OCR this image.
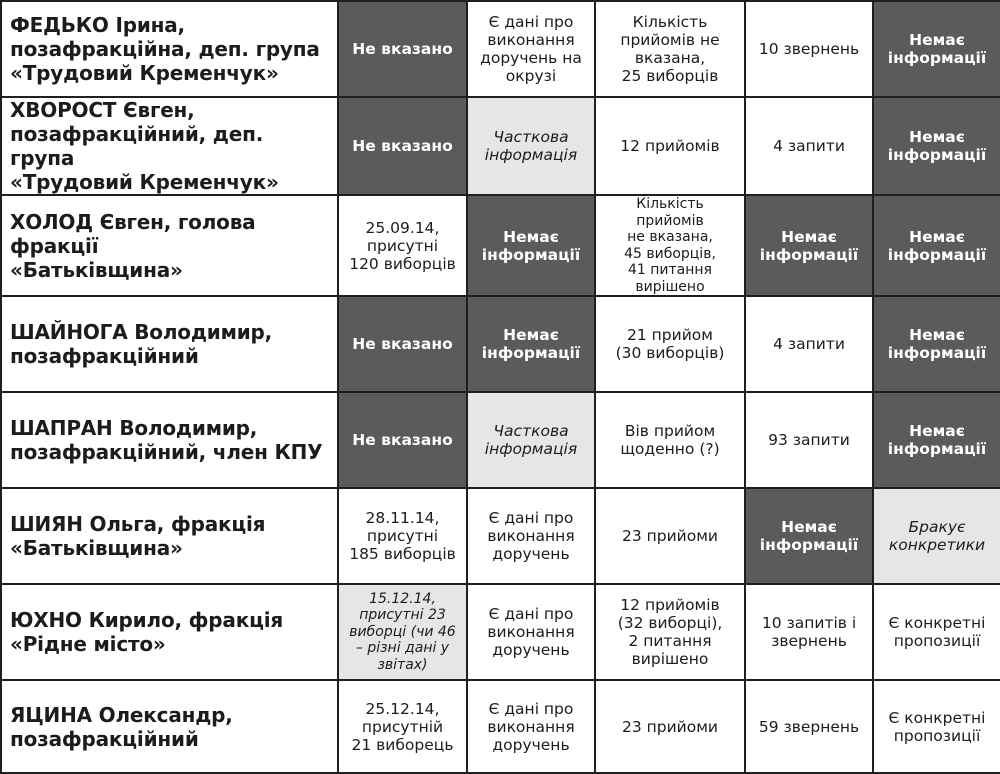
ФЕДЬКО Ірина,
позафракційна, деп. група
«Трудовий Кременчук»	Не вказано	Є дані про
виконання
доручень на
окрузі	Кількість
прийомів не
вказана,
25 виборців	10 звернень	Немає
інформації
ХВОРОСТ Євген,
позафракційний, деп. група
«Трудовий Кременчук»	Не вказано	Часткова
інформація	12 прийомів	4 запити	Немає
інформації
ХОЛОД Євген, голова фракції
«Батьківщина»	25.09.14,
присутні
120 виборців	Немає
інформації	Кількість прийомів
не вказана,
45 виборців,
41 питання
вирішено	Немає
інформації	Немає
інформації
ШАЙНОГА Володимир,
позафракційний	Не вказано	Немає
інформації	21 прийом
(30 виборців)	4 запити	Немає
інформації
ШАПРАН Володимир,
позафракційний, член КПУ	Не вказано	Часткова
інформація	Вів прийом
щоденно (?)	93 запити	Немає
інформації
ШИЯН Ольга, фракція
«Батьківщина»	28.11.14,
присутні
185 виборців	Є дані про
виконання
доручень	23 прийоми	Немає
інформації	Бракує
конкретики
ЮХНО Кирило, фракція
«Рідне місто»	15.12.14,
присутні 23
виборці (чи 46
– різні дані у
звітах)	Є дані про
виконання
доручень	12 прийомів
(32 виборці),
2 питання
вирішено	10 запитів і
звернень	Є конкретні
пропозиції
ЯЦИНА Олександр,
позафракційний	25.12.14,
присутній
21 виборець	Є дані про
виконання
доручень	23 прийоми	59 звернень	Є конкретні
пропозиції
